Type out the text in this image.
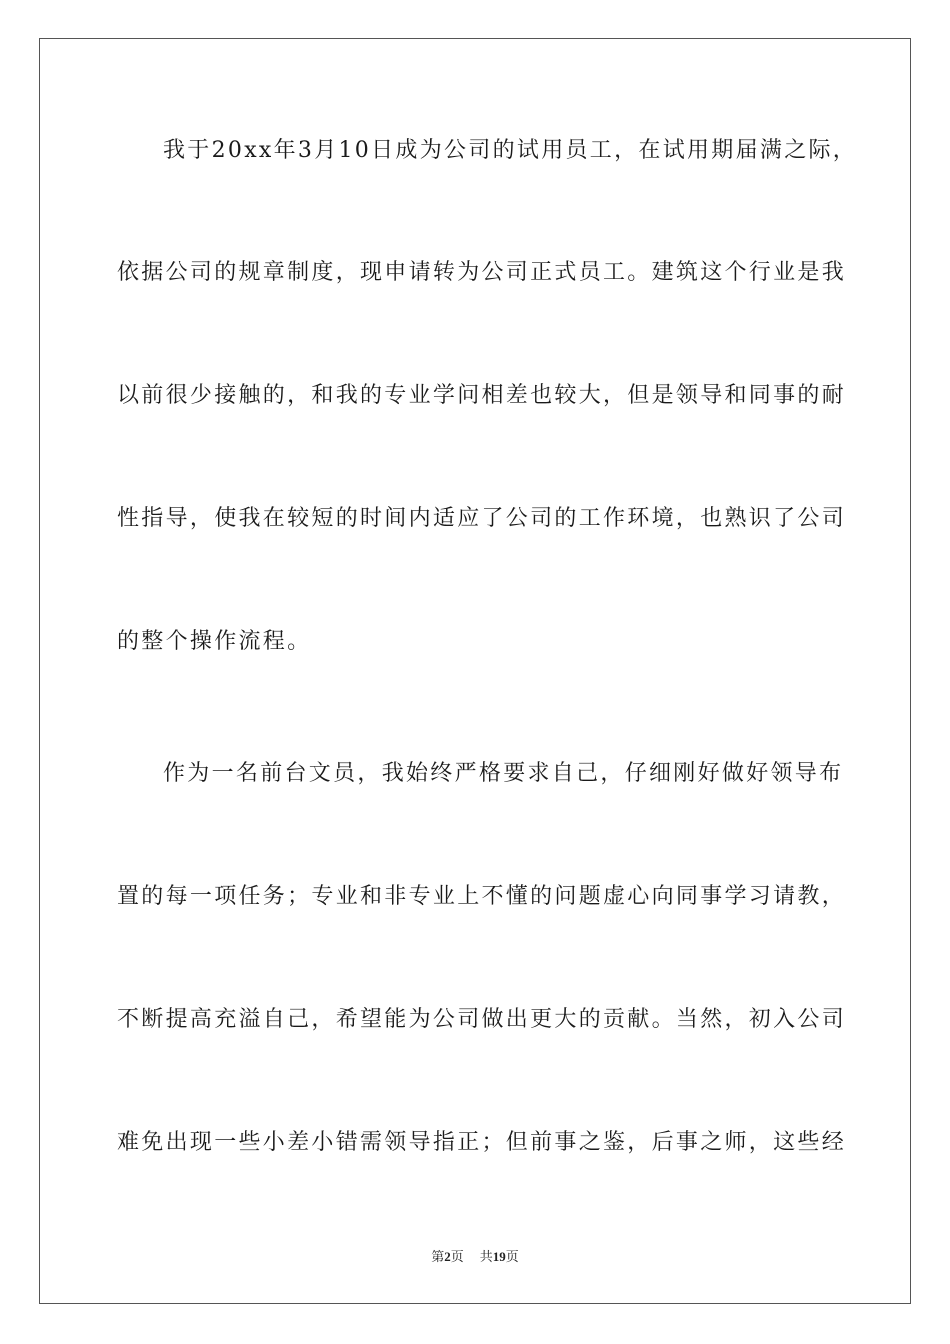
我于20xx年3月10日成为公司的试用员工，在试用期届满之际，
依据公司的规章制度，现申请转为公司正式员工。建筑这个行业是我
以前很少接触的，和我的专业学问相差也较大，但是领导和同事的耐
性指导，使我在较短的时间内适应了公司的工作环境，也熟识了公司
的整个操作流程。
作为一名前台文员，我始终严格要求自己，仔细刚好做好领导布
置的每一项任务；专业和非专业上不懂的问题虚心向同事学习请教，
不断提高充溢自己，希望能为公司做出更大的贡献。当然，初入公司
难免出现一些小差小错需领导指正；但前事之鉴，后事之师，这些经
第2页 共19页
